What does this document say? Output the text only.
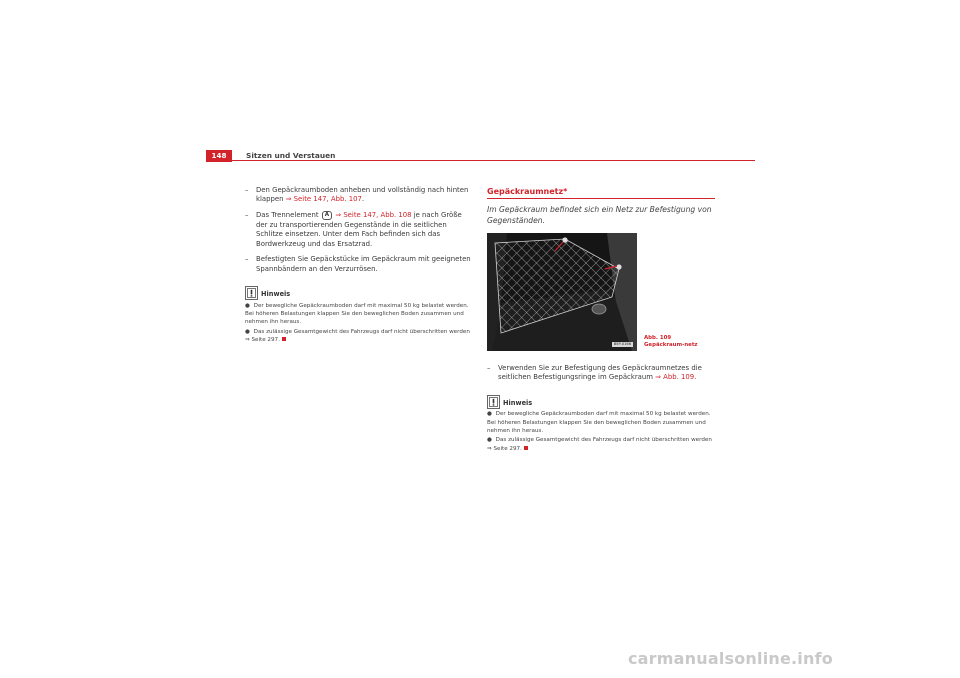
148	Sitzen und Verstauen
– Den Gepäckraumboden anheben und vollständig nach hinten klappen ⇒ Seite 147, Abb. 107.
– Das Trennelement A ⇒ Seite 147, Abb. 108 je nach Größe der zu transportierenden Gegenstände in die seitlichen Schlitze einsetzen. Unter dem Fach befinden sich das Bordwerkzeug und das Ersatzrad.
– Befestigten Sie Gepäckstücke im Gepäckraum mit geeigneten Spannbändern an den Verzurrösen.
Hinweis
● Der bewegliche Gepäckraumboden darf mit maximal 50 kg belastet werden. Bei höheren Belastungen klappen Sie den beweglichen Boden zusammen und nehmen ihn heraus.
● Das zulässige Gesamtgewicht des Fahrzeugs darf nicht überschritten werden ⇒ Seite 297.
Gepäckraumnetz*
Im Gepäckraum befindet sich ein Netz zur Befestigung von Gegenständen.
B5P-0166
Abb. 109 Gepäckraum-netz
– Verwenden Sie zur Befestigung des Gepäckraumnetzes die seitlichen Befestigungsringe im Gepäckraum ⇒ Abb. 109.
Hinweis
● Der bewegliche Gepäckraumboden darf mit maximal 50 kg belastet werden. Bei höheren Belastungen klappen Sie den beweglichen Boden zusammen und nehmen ihn heraus.
● Das zulässige Gesamtgewicht des Fahrzeugs darf nicht überschritten werden ⇒ Seite 297.
carmanualsonline.info
